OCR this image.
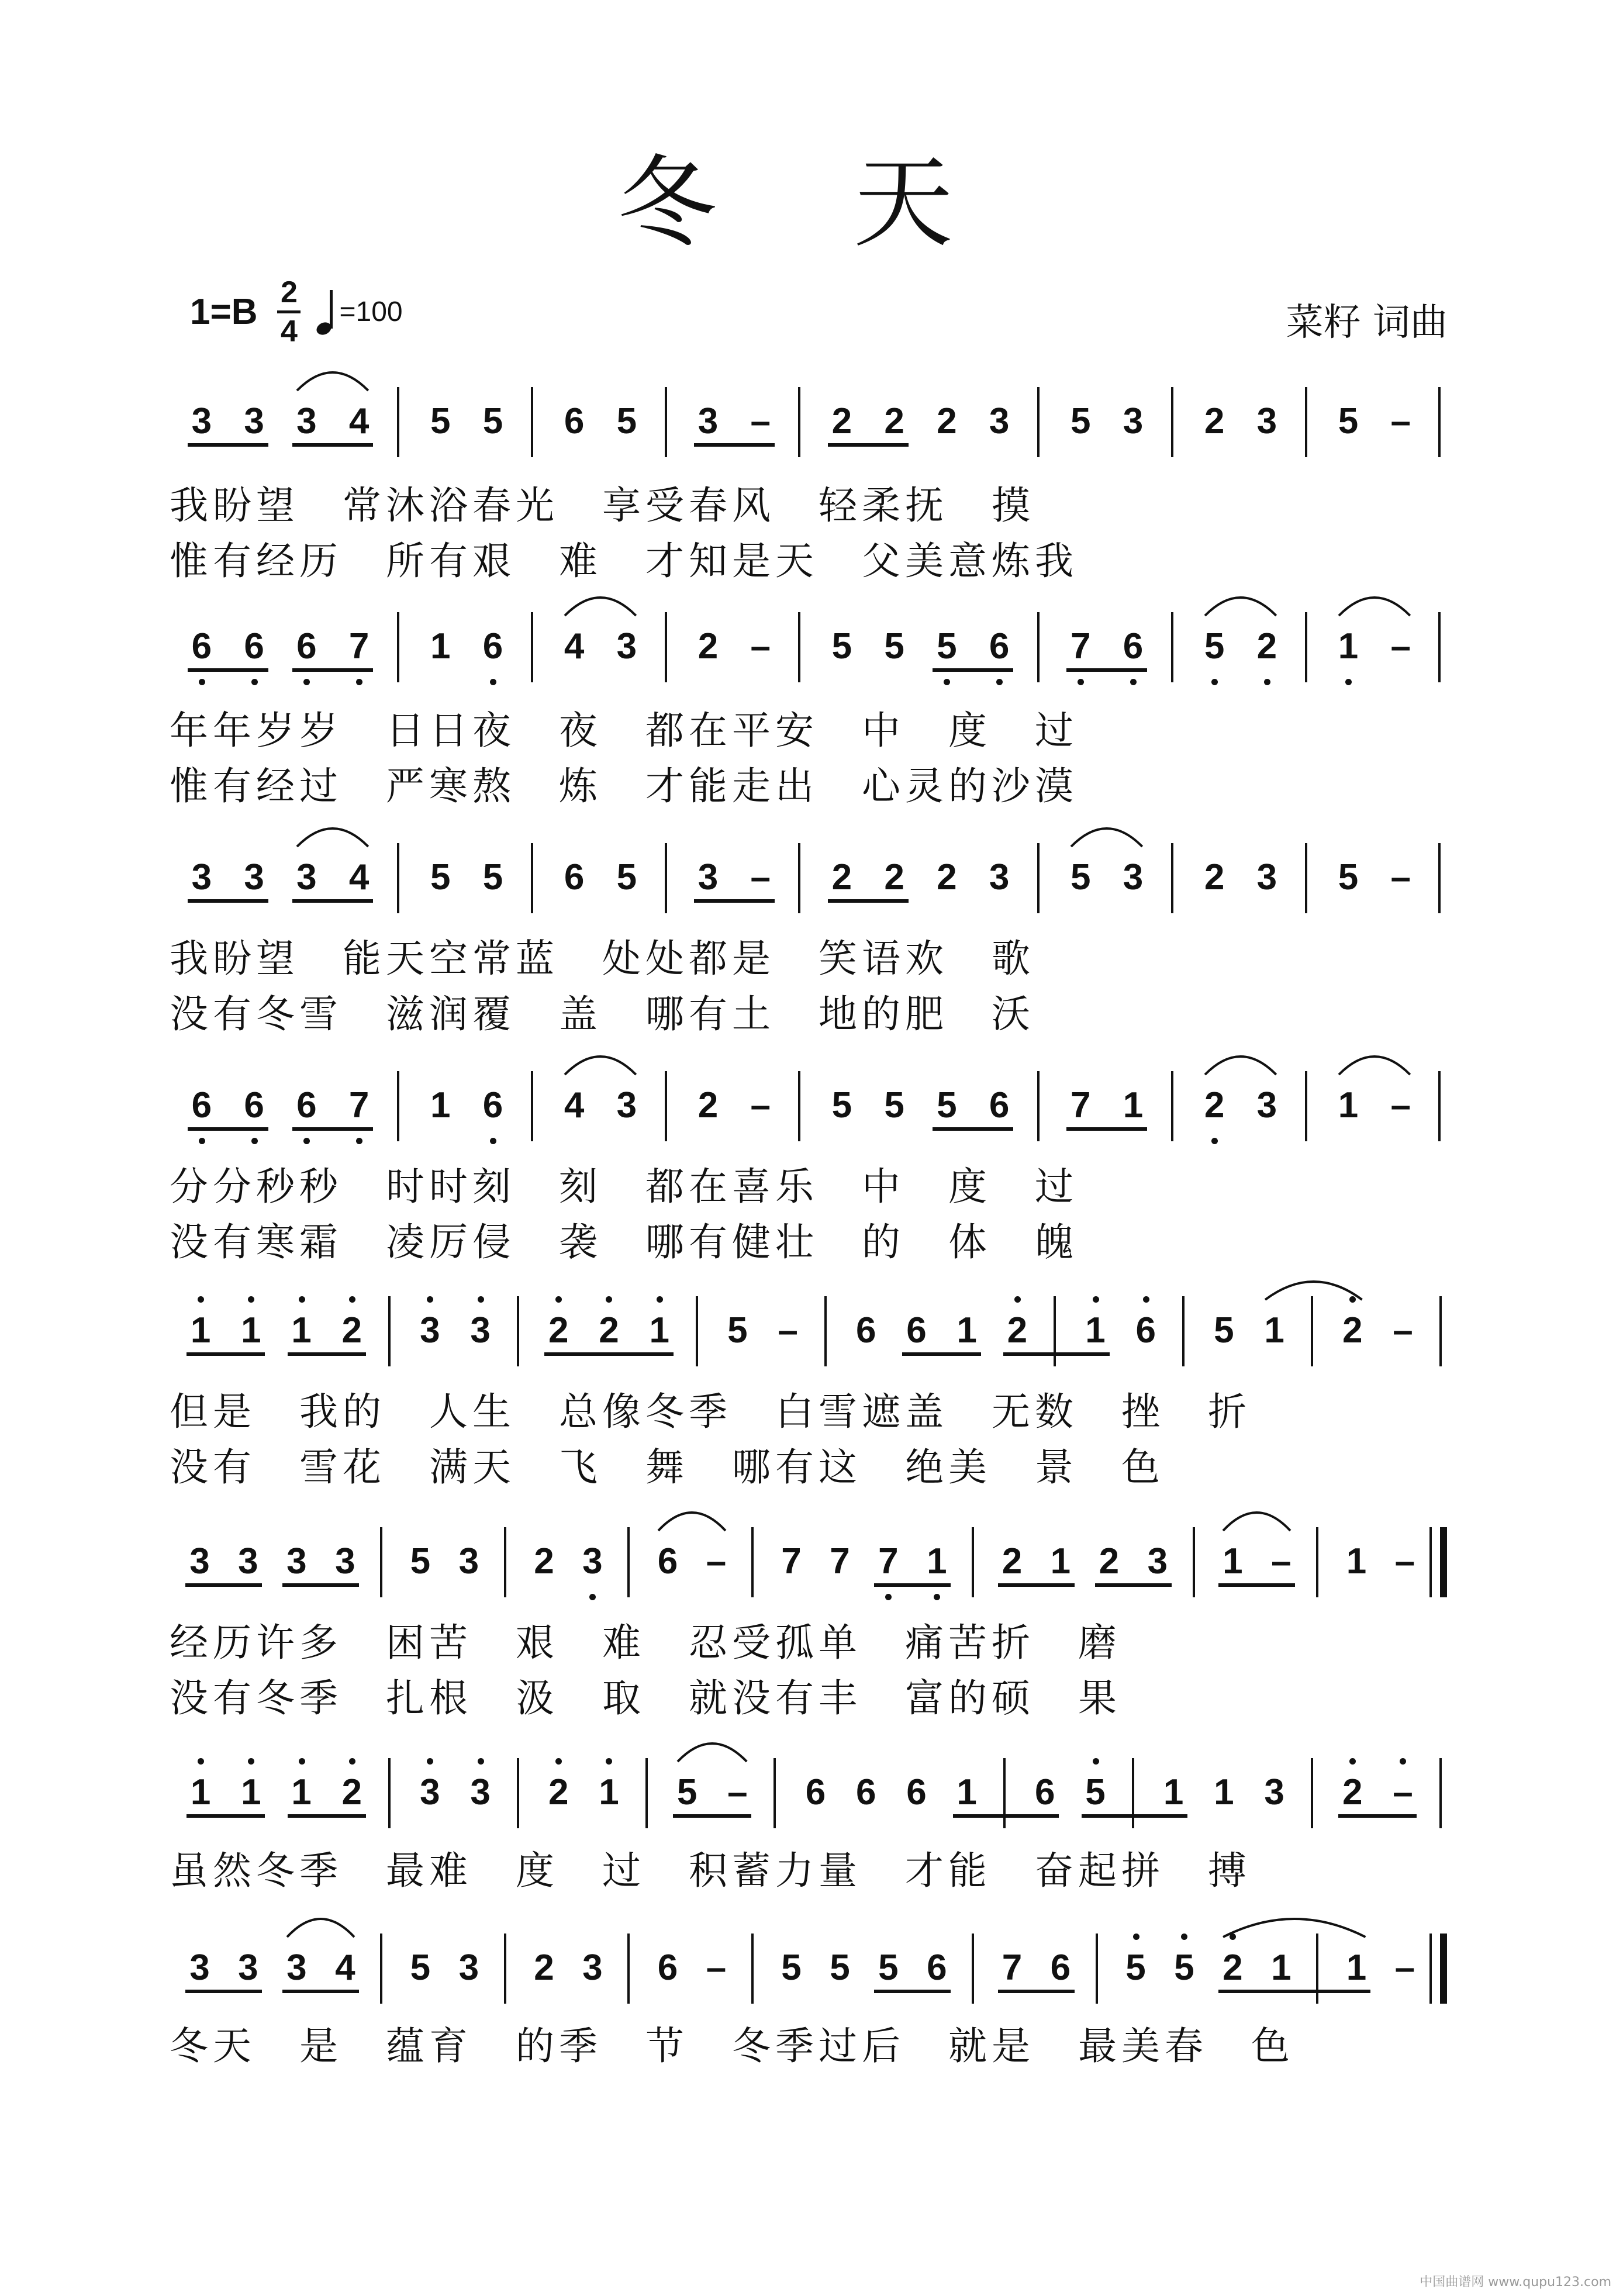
冬 天
1=B 2
4
=100	菜籽 词曲
3 3 3 4 5 5 6 5 3 – 2 2 2 3 5 3 2 3 5 –
我盼望　常沐浴春光　享受春风　轻柔抚　摸
惟有经历　所有艰　难　才知是天　父美意炼我
6 6 6 7 1 6 4 3 2 – 5 5 5 6 7 6 5 2 1 –
年年岁岁　日日夜　夜　都在平安　中　度　过
惟有经过　严寒熬　炼　才能走出　心灵的沙漠
3 3 3 4 5 5 6 5 3 – 2 2 2 3 5 3 2 3 5 –
我盼望　能天空常蓝　处处都是　笑语欢　歌
没有冬雪　滋润覆　盖　哪有土　地的肥　沃
6 6 6 7 1 6 4 3 2 – 5 5 5 6 7 1 2 3 1 –
分分秒秒　时时刻　刻　都在喜乐　中　度　过
没有寒霜　凌厉侵　袭　哪有健壮　的　体　魄
1 1 1 2 3 3 2 2 1 5 – 6 6 1 2 1 6 5 1 2 –
但是　我的　人生　总像冬季　白雪遮盖　无数　挫　折
没有　雪花　满天　飞　舞　哪有这　绝美　景　色
3 3 3 3 5 3 2 3 6 – 7 7 7 1 2 1 2 3 1 – 1 –
经历许多　困苦　艰　难　忍受孤单　痛苦折　磨
没有冬季　扎根　汲　取　就没有丰　富的硕　果
1 1 1 2 3 3 2 1 5 – 6 6 6 1 6 5 1 1 3 2 –
虽然冬季　最难　度　过　积蓄力量　才能　奋起拼　搏
3 3 3 4 5 3 2 3 6 – 5 5 5 6 7 6 5 5 2 1 1 –
冬天　是　蕴育　的季　节　冬季过后　就是　最美春　色
中国曲谱网 www.qupu123.com
